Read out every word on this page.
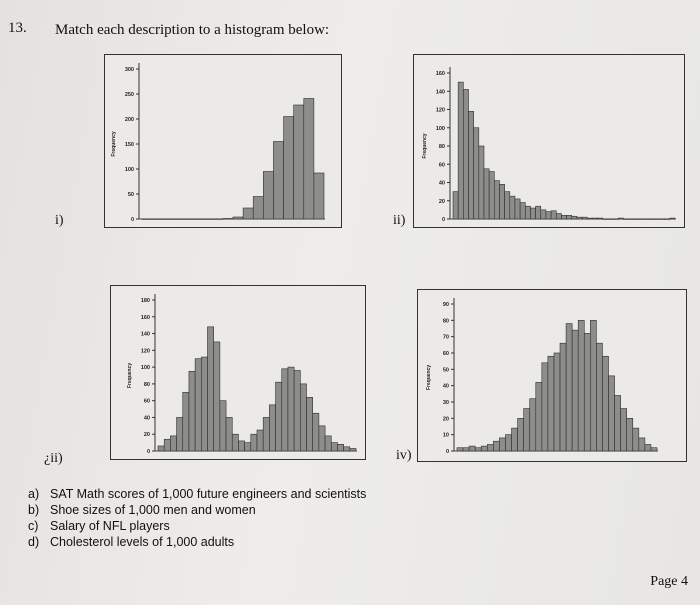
13. Match each description to a histogram below:
i)
300
250
200
150
100
50
0
Frequency
ii)
160
140
120
100
80
60
40
20
0
Frequency
¿ii)
180
160
140
120
100
80
60
40
20
0
Frequency
iv)
90
80
70
60
50
40
30
20
10
0
Frequency
a) SAT Math scores of 1,000 future engineers and scientists
b) Shoe sizes of 1,000 men and women
c) Salary of NFL players
d) Cholesterol levels of 1,000 adults
Page 4
